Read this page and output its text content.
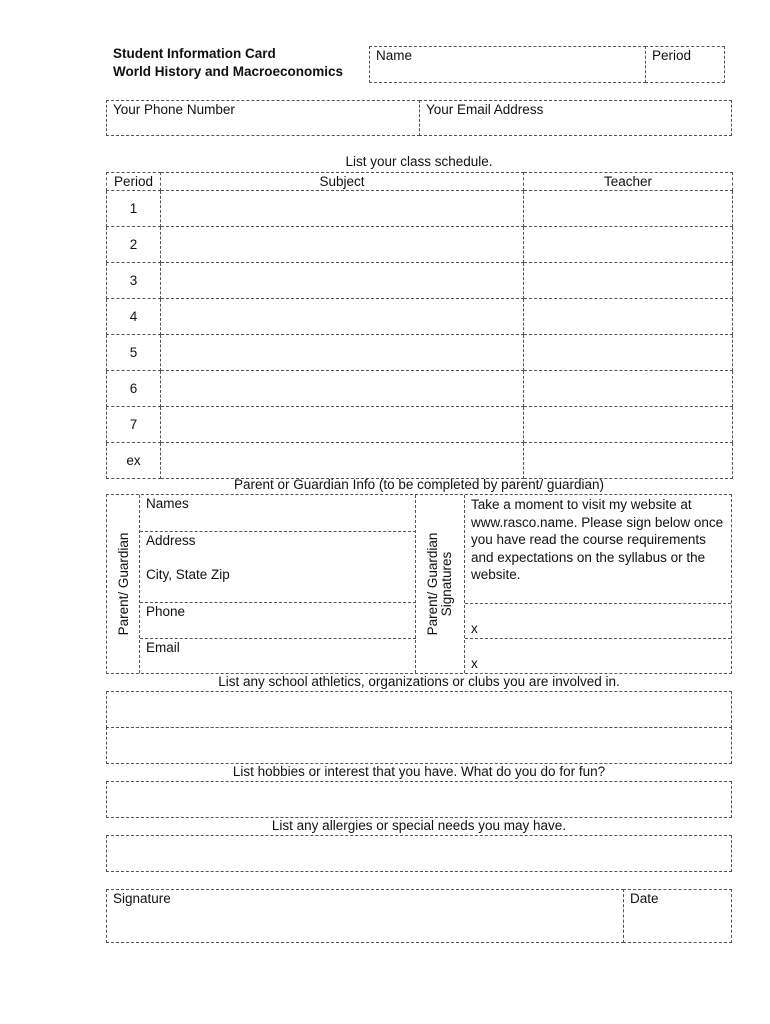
Student Information Card
World History and Macroeconomics
Name	Period
Your Phone Number	Your Email Address
List your class schedule.
Period	Subject	Teacher
1		
2		
3		
4		
5		
6		
7		
ex		
Parent or Guardian Info (to be completed by parent/ guardian)
Parent/ Guardian
Names
Address
City, State Zip
Phone
Email
Parent/ Guardian Signatures
Take a moment to visit my website at www.rasco.name. Please sign below once you have read the course requirements and expectations on the syllabus or the website.
x
x
List any school athletics, organizations or clubs you are involved in.
List hobbies or interest that you have. What do you do for fun?
List any allergies or special needs you may have.
Signature	Date
